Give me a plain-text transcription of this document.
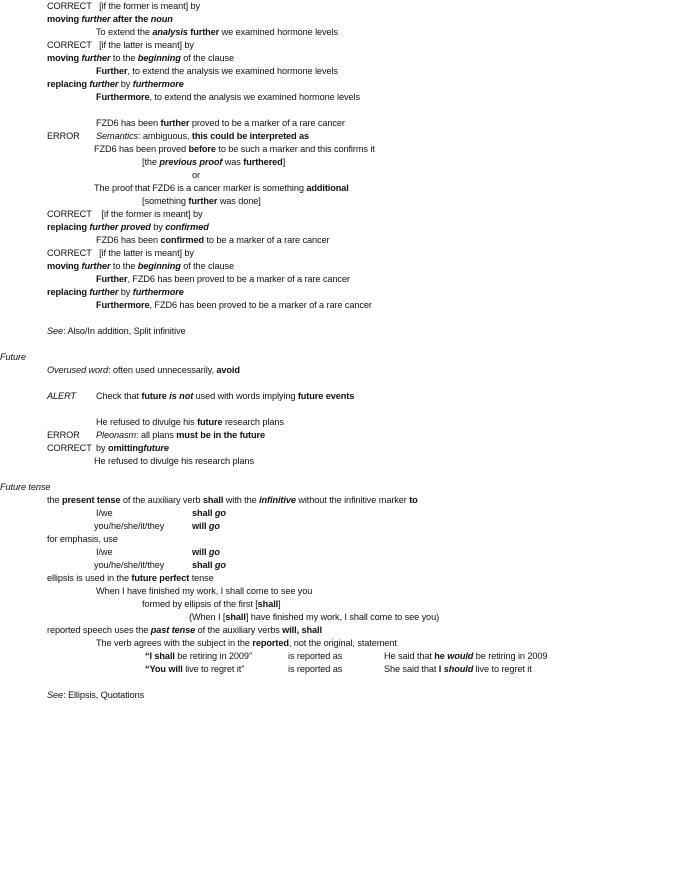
CORRECT [if the former is meant] by
moving further after the noun
To extend the analysis further we examined hormone levels
CORRECT [if the latter is meant] by
moving further to the beginning of the clause
Further, to extend the analysis we examined hormone levels
replacing further by furthermore
Furthermore, to extend the analysis we examined hormone levels
FZD6 has been further proved to be a marker of a rare cancer
ERROR Semantics: ambiguous, this could be interpreted as
FZD6 has been proved before to be such a marker and this confirms it
[the previous proof was furthered]
or
The proof that FZD6 is a cancer marker is something additional
[something further was done]
CORRECT [if the former is meant] by
replacing further proved by confirmed
FZD6 has been confirmed to be a marker of a rare cancer
CORRECT [if the latter is meant] by
moving further to the beginning of the clause
Further, FZD6 has been proved to be a marker of a rare cancer
replacing further by furthermore
Furthermore, FZD6 has been proved to be a marker of a rare cancer
See: Also/In addition, Split infinitive
Future
Overused word: often used unnecessarily, avoid
ALERT Check that future is not used with words implying future events
He refused to divulge his future research plans
ERROR Pleonasm: all plans must be in the future
CORRECT by omittingfuture
He refused to divulge his research plans
Future tense
the present tense of the auxiliary verb shall with the infinitive without the infinitive marker to
I/we	shall go
you/he/she/it/they	will go
for emphasis, use
I/we	will go
you/he/she/it/they	shall go
ellipsis is used in the future perfect tense
When I have finished my work, I shall come to see you
formed by ellipsis of the first [shall]
(When I [shall] have finished my work, I shall come to see you)
reported speech uses the past tense of the auxiliary verbs will, shall
The verb agrees with the subject in the reported, not the original, statement
“I shall be retiring in 2009”	is reported as	He said that he would be retiring in 2009
“You will live to regret it”	is reported as	She said that I should live to regret it
See: Ellipsis, Quotations
